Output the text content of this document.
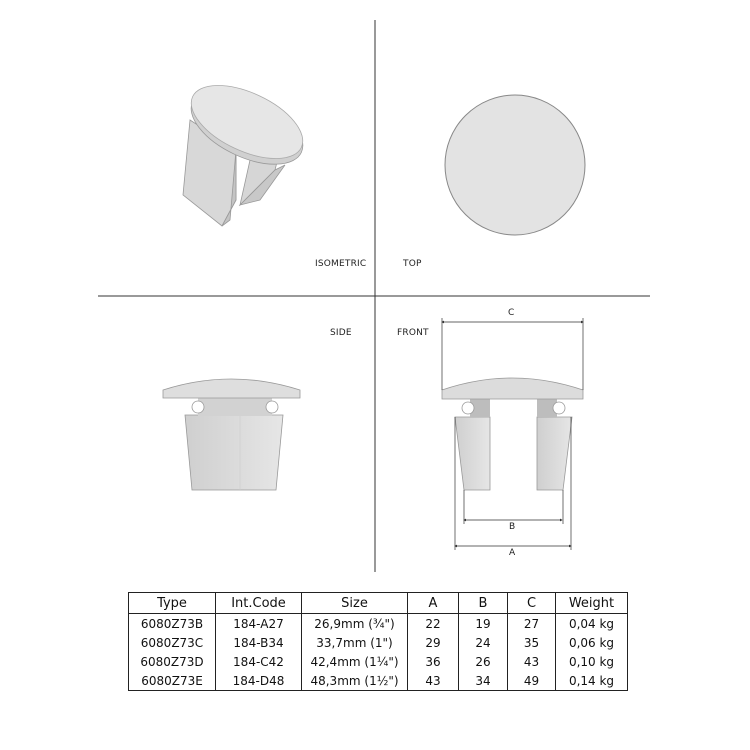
ISOMETRIC	TOP
SIDE	FRONT
C
B
A
Type	Int.Code	Size	A	B	C	Weight
6080Z73B	184-A27	26,9mm (¾")	22	19	27	0,04 kg
6080Z73C	184-B34	33,7mm (1")	29	24	35	0,06 kg
6080Z73D	184-C42	42,4mm (1¼")	36	26	43	0,10 kg
6080Z73E	184-D48	48,3mm (1½")	43	34	49	0,14 kg
